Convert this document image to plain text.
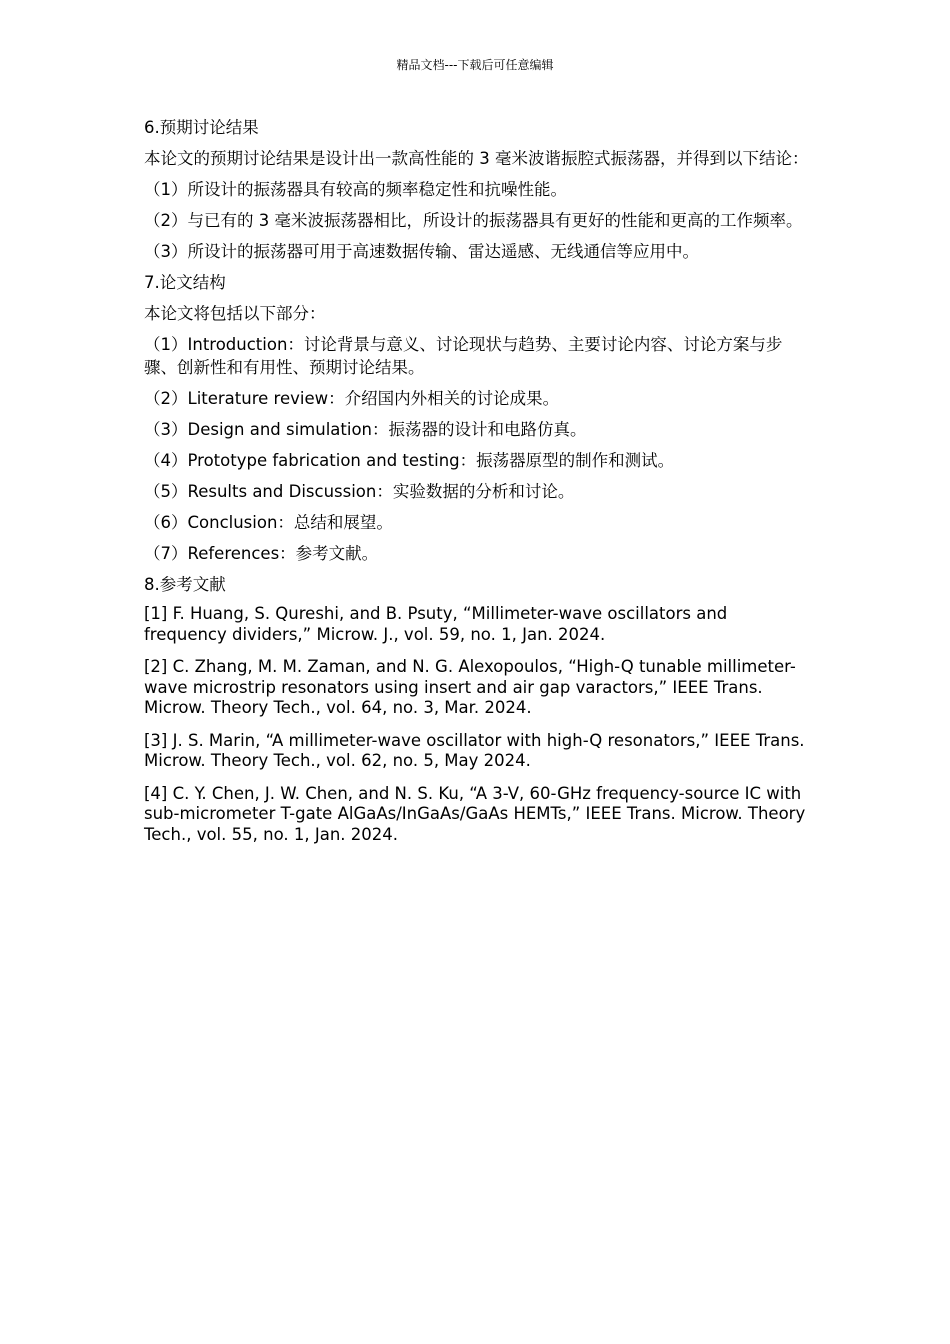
精品文档---下载后可任意编辑
6.预期讨论结果
本论文的预期讨论结果是设计出一款高性能的 3 毫米波谐振腔式振荡器，并得到以下结论：
（1）所设计的振荡器具有较高的频率稳定性和抗噪性能。
（2）与已有的 3 毫米波振荡器相比，所设计的振荡器具有更好的性能和更高的工作频率。
（3）所设计的振荡器可用于高速数据传输、雷达遥感、无线通信等应用中。
7.论文结构
本论文将包括以下部分：
（1）Introduction：讨论背景与意义、讨论现状与趋势、主要讨论内容、讨论方案与步骤、创新性和有用性、预期讨论结果。
（2）Literature review：介绍国内外相关的讨论成果。
（3）Design and simulation：振荡器的设计和电路仿真。
（4）Prototype fabrication and testing：振荡器原型的制作和测试。
（5）Results and Discussion：实验数据的分析和讨论。
（6）Conclusion：总结和展望。
（7）References：参考文献。
8.参考文献
[1] F. Huang, S. Qureshi, and B. Psuty, “Millimeter-wave oscillators and frequency dividers,” Microw. J., vol. 59, no. 1, Jan. 2024.
[2] C. Zhang, M. M. Zaman, and N. G. Alexopoulos, “High-Q tunable millimeter-wave microstrip resonators using insert and air gap varactors,” IEEE Trans. Microw. Theory Tech., vol. 64, no. 3, Mar. 2024.
[3] J. S. Marin, “A millimeter-wave oscillator with high-Q resonators,” IEEE Trans. Microw. Theory Tech., vol. 62, no. 5, May 2024.
[4] C. Y. Chen, J. W. Chen, and N. S. Ku, “A 3-V, 60-GHz frequency-source IC with sub-micrometer T-gate AlGaAs/InGaAs/GaAs HEMTs,” IEEE Trans. Microw. Theory Tech., vol. 55, no. 1, Jan. 2024.
